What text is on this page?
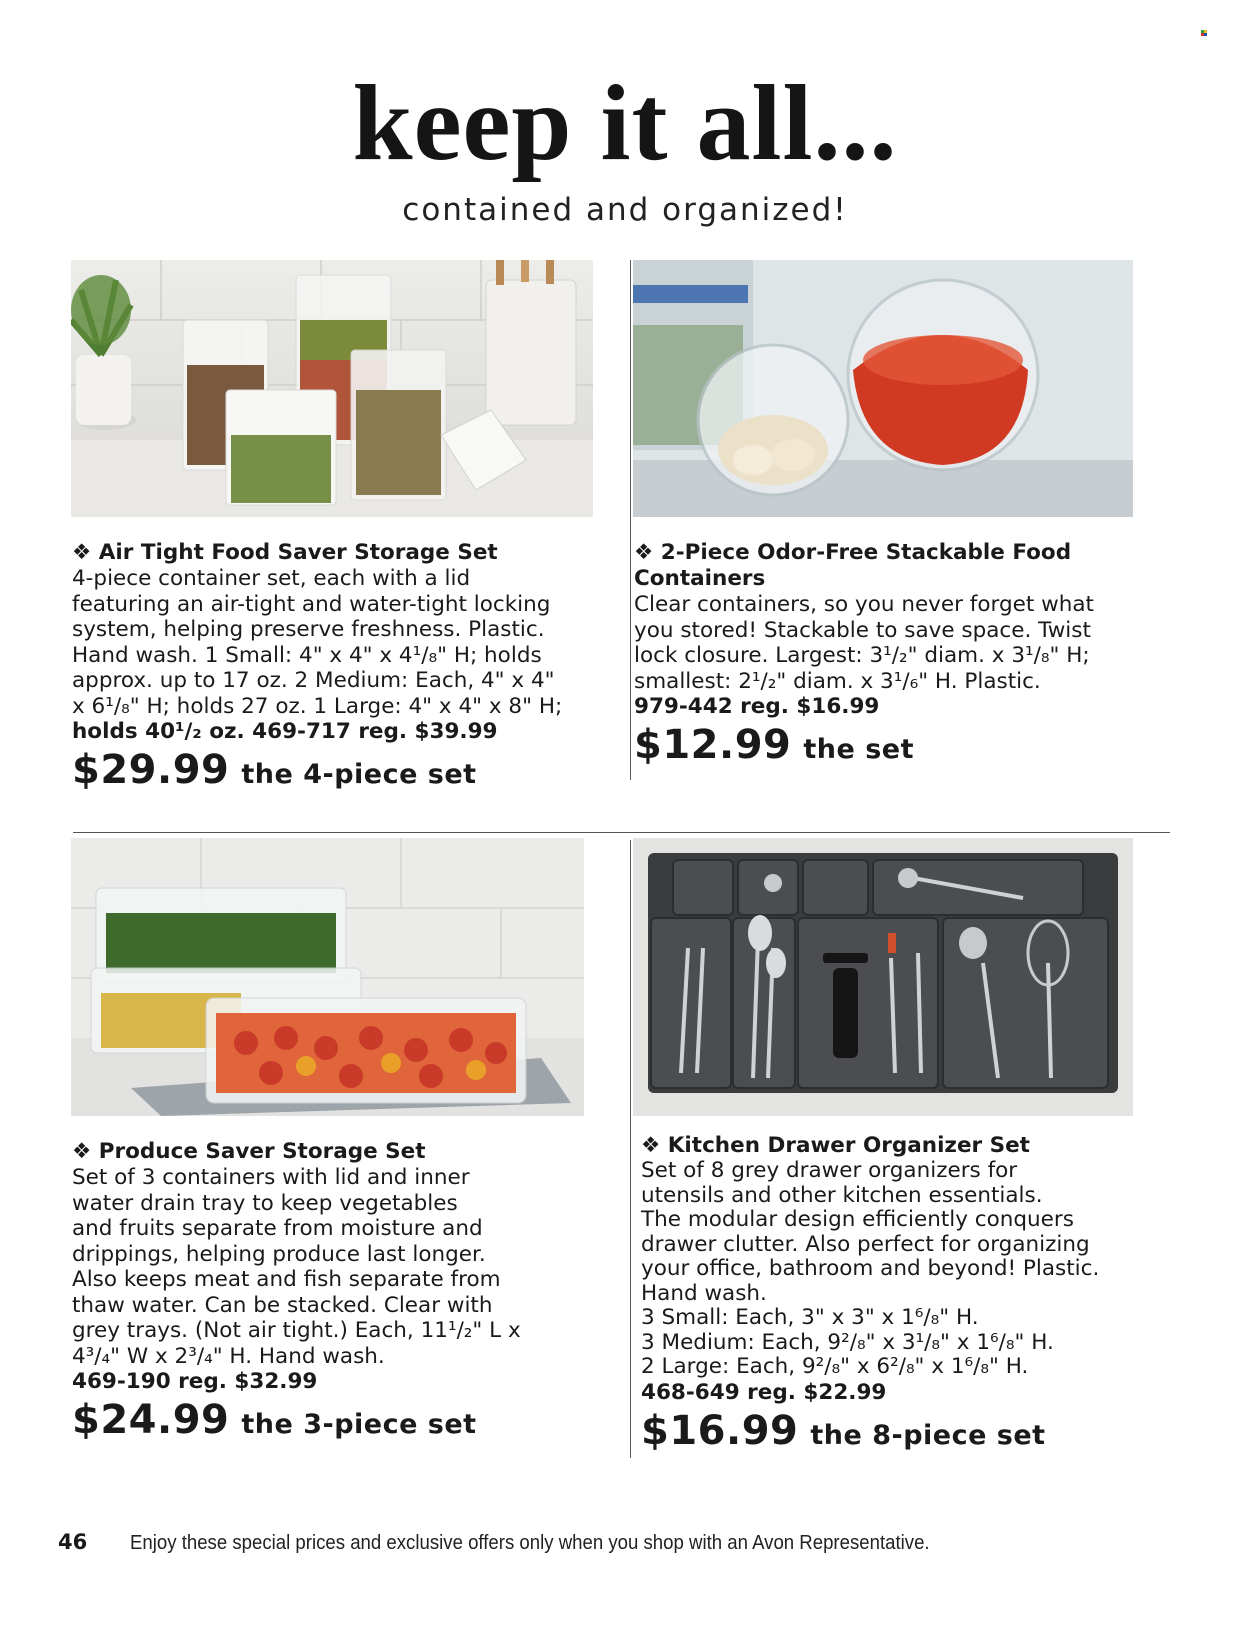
keep it all...
contained and organized!
❖ Air Tight Food Saver Storage Set

4-piece container set, each with a lid

featuring an air-tight and water-tight locking

system, helping preserve freshness. Plastic.

Hand wash. 1 Small: 4" x 4" x 4¹/₈" H; holds

approx. up to 17 oz. 2 Medium: Each, 4" x 4"

x 6¹/₈" H; holds 27 oz. 1 Large: 4" x 4" x 8" H;

holds 40¹/₂ oz. 469-717 reg. $39.99
$29.99 the 4-piece set
❖ 2-Piece Odor-Free Stackable Food Containers

Clear containers, so you never forget what

you stored! Stackable to save space. Twist

lock closure. Largest: 3¹/₂" diam. x 3¹/₈" H;

smallest: 2¹/₂" diam. x 3¹/₆" H. Plastic.

979-442 reg. $16.99
$12.99 the set
❖ Produce Saver Storage Set

Set of 3 containers with lid and inner

water drain tray to keep vegetables

and fruits separate from moisture and

drippings, helping produce last longer.

Also keeps meat and fish separate from

thaw water. Can be stacked. Clear with

grey trays. (Not air tight.) Each, 11¹/₂" L x

4³/₄" W x 2³/₄" H. Hand wash.

469-190 reg. $32.99
$24.99 the 3-piece set
❖ Kitchen Drawer Organizer Set

Set of 8 grey drawer organizers for

utensils and other kitchen essentials.

The modular design efficiently conquers

drawer clutter. Also perfect for organizing

your office, bathroom and beyond! Plastic.

Hand wash.

3 Small: Each, 3" x 3" x 1⁶/₈" H.

3 Medium: Each, 9²/₈" x 3¹/₈" x 1⁶/₈" H.

2 Large: Each, 9²/₈" x 6²/₈" x 1⁶/₈" H.

468-649 reg. $22.99
$16.99 the 8-piece set
46 Enjoy these special prices and exclusive offers only when you shop with an Avon Representative.
